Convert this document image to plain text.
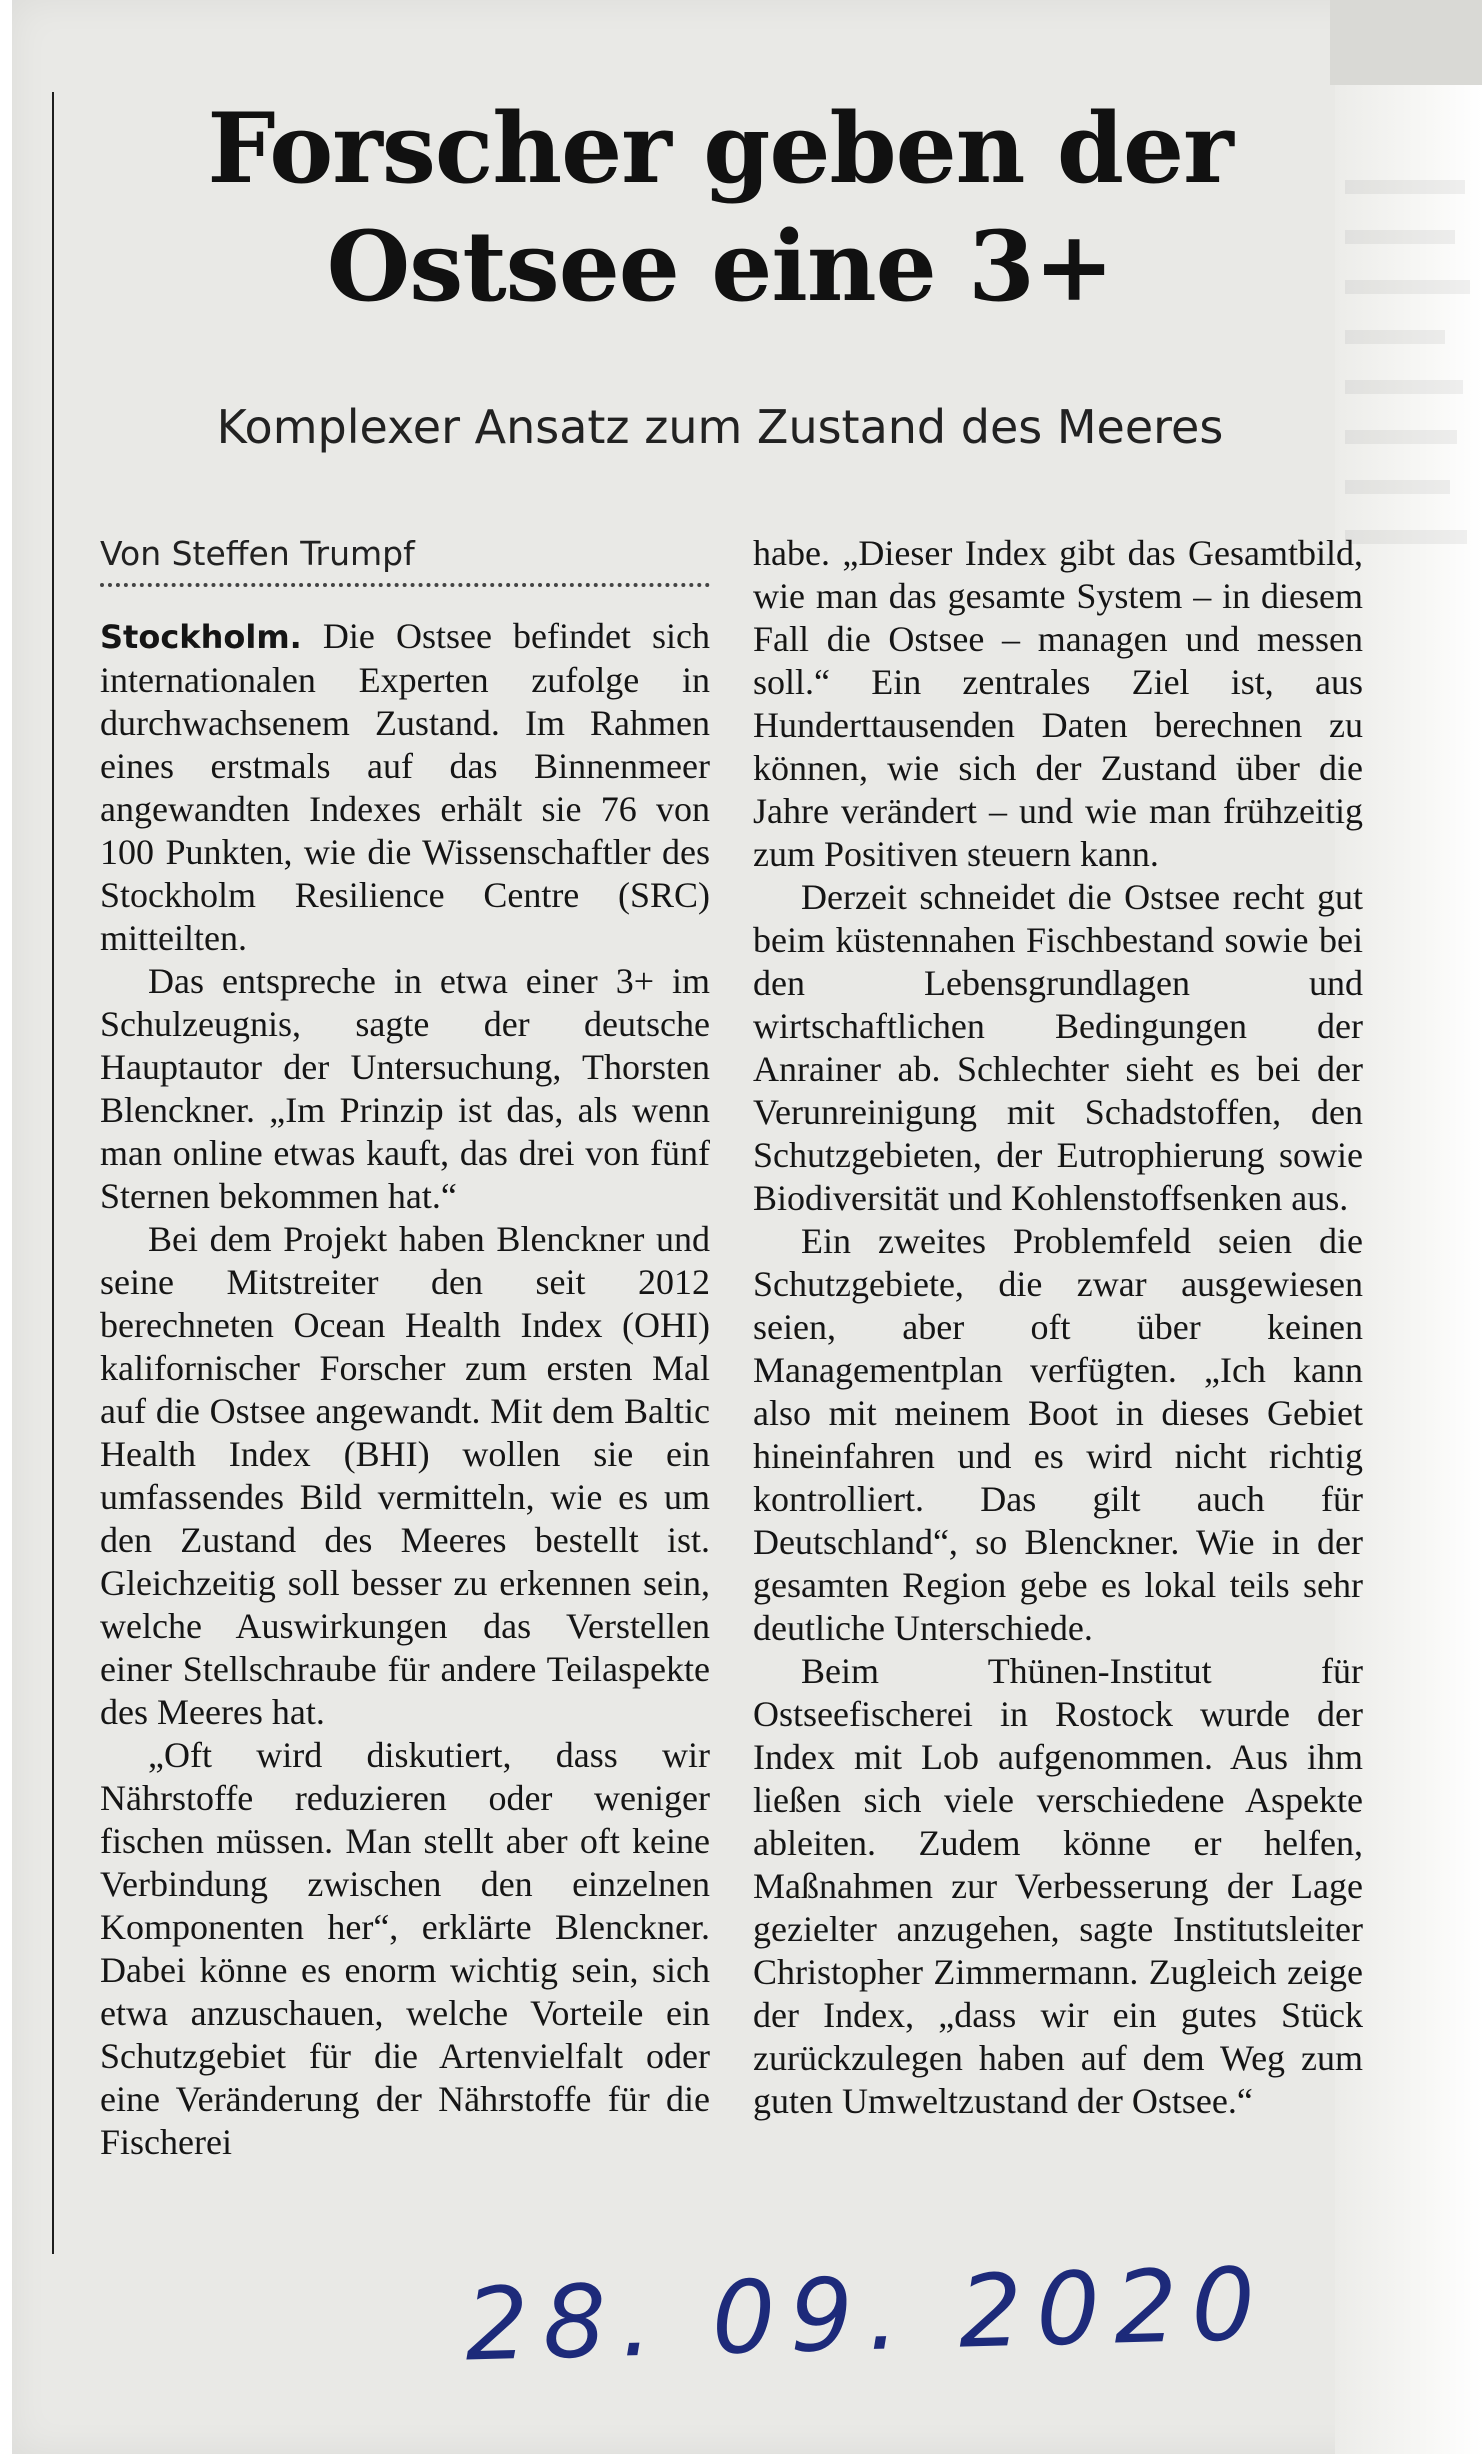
Forscher geben der Ostsee eine 3+
Komplexer Ansatz zum Zustand des Meeres
Von Steffen Trumpf

Stockholm. Die Ostsee befindet sich internationalen Experten zufolge in durchwachsenem Zustand. Im Rahmen eines erstmals auf das Binnenmeer angewandten Indexes erhält sie 76 von 100 Punkten, wie die Wissenschaftler des Stockholm Resilience Centre (SRC) mitteilten.

Das entspreche in etwa einer 3+ im Schulzeugnis, sagte der deutsche Hauptautor der Untersuchung, Thorsten Blenckner. „Im Prinzip ist das, als wenn man online etwas kauft, das drei von fünf Sternen bekommen hat.“

Bei dem Projekt haben Blenckner und seine Mitstreiter den seit 2012 berechneten Ocean Health Index (OHI) kalifornischer Forscher zum ersten Mal auf die Ostsee angewandt. Mit dem Baltic Health Index (BHI) wollen sie ein umfassendes Bild vermitteln, wie es um den Zustand des Meeres bestellt ist. Gleichzeitig soll besser zu erkennen sein, welche Auswirkungen das Verstellen einer Stellschraube für andere Teilaspekte des Meeres hat.

„Oft wird diskutiert, dass wir Nährstoffe reduzieren oder weniger fischen müssen. Man stellt aber oft keine Verbindung zwischen den einzelnen Komponenten her“, erklärte Blenckner. Dabei könne es enorm wichtig sein, sich etwa anzuschauen, welche Vorteile ein Schutzgebiet für die Artenvielfalt oder eine Veränderung der Nährstoffe für die Fischerei

habe. „Dieser Index gibt das Gesamtbild, wie man das gesamte System – in diesem Fall die Ostsee – managen und messen soll.“ Ein zentrales Ziel ist, aus Hunderttausenden Daten berechnen zu können, wie sich der Zustand über die Jahre verändert – und wie man frühzeitig zum Positiven steuern kann.

Derzeit schneidet die Ostsee recht gut beim küstennahen Fischbestand sowie bei den Lebensgrundlagen und wirtschaftlichen Bedingungen der Anrainer ab. Schlechter sieht es bei der Verunreinigung mit Schadstoffen, den Schutzgebieten, der Eutrophierung sowie Biodiversität und Kohlenstoffsenken aus.

Ein zweites Problemfeld seien die Schutzgebiete, die zwar ausgewiesen seien, aber oft über keinen Managementplan verfügten. „Ich kann also mit meinem Boot in dieses Gebiet hineinfahren und es wird nicht richtig kontrolliert. Das gilt auch für Deutschland“, so Blenckner. Wie in der gesamten Region gebe es lokal teils sehr deutliche Unterschiede.

Beim Thünen-Institut für Ostseefischerei in Rostock wurde der Index mit Lob aufgenommen. Aus ihm ließen sich viele verschiedene Aspekte ableiten. Zudem könne er helfen, Maßnahmen zur Verbesserung der Lage gezielter anzugehen, sagte Institutsleiter Christopher Zimmermann. Zugleich zeige der Index, „dass wir ein gutes Stück zurückzulegen haben auf dem Weg zum guten Umweltzustand der Ostsee.“

28. 09. 2020
